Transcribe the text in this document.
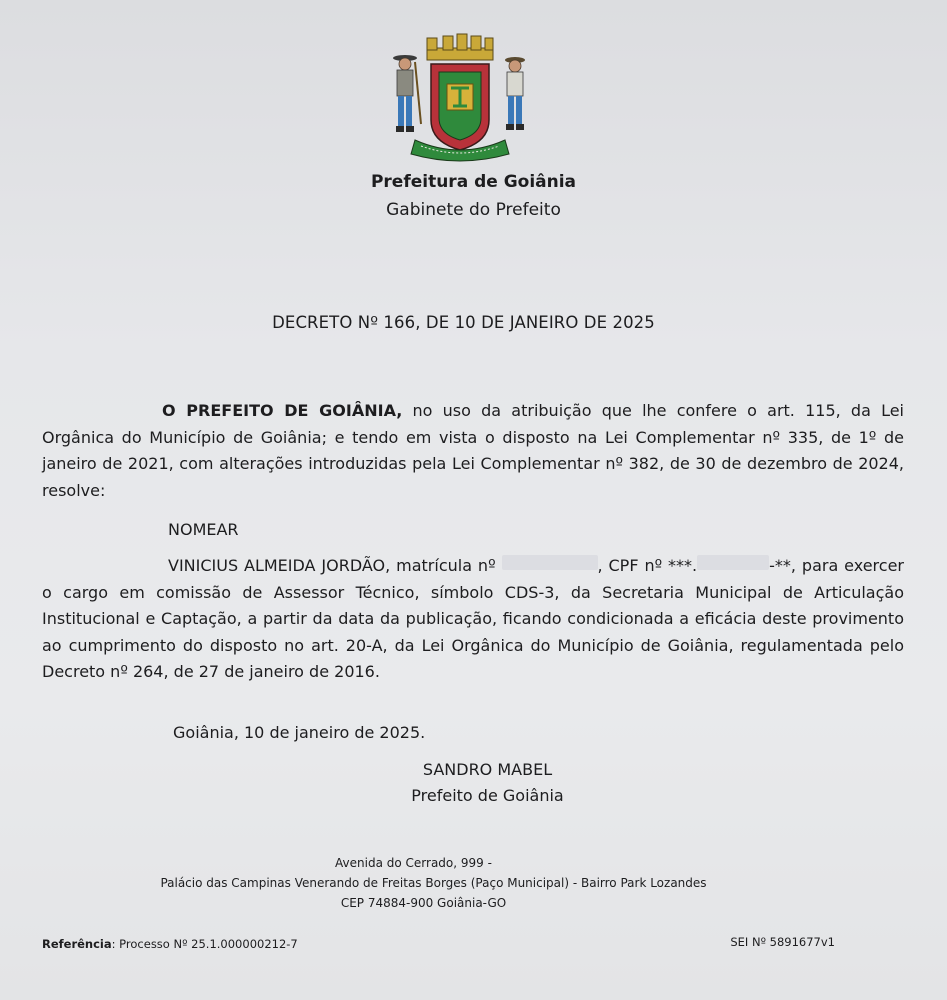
Prefeitura de Goiânia
Gabinete do Prefeito
DECRETO Nº 166, DE 10 DE JANEIRO DE 2025
O PREFEITO DE GOIÂNIA, no uso da atribuição que lhe confere o art. 115, da Lei Orgânica do Município de Goiânia; e tendo em vista o disposto na Lei Complementar nº 335, de 1º de janeiro de 2021, com alterações introduzidas pela Lei Complementar nº 382, de 30 de dezembro de 2024, resolve:
NOMEAR
VINICIUS ALMEIDA JORDÃO, matrícula nº	, CPF nº ***.	-**, para exercer o cargo em comissão de Assessor Técnico, símbolo CDS-3, da Secretaria Municipal de Articulação Institucional e Captação, a partir da data da publicação, ficando condicionada a eficácia deste provimento ao cumprimento do disposto no art. 20-A, da Lei Orgânica do Município de Goiânia, regulamentada pelo Decreto nº 264, de 27 de janeiro de 2016.
Goiânia, 10 de janeiro de 2025.
SANDRO MABEL
Prefeito de Goiânia
Avenida do Cerrado, 999 -
Palácio das Campinas Venerando de Freitas Borges (Paço Municipal) - Bairro Park Lozandes
CEP 74884-900 Goiânia-GO
Referência: Processo Nº 25.1.000000212-7	SEI Nº 5891677v1
